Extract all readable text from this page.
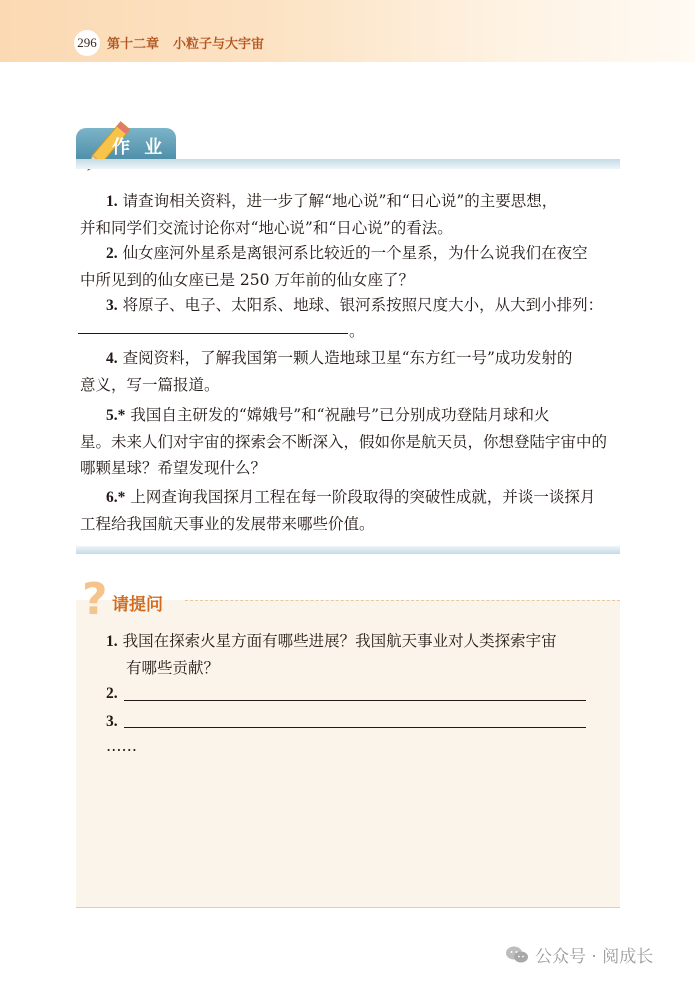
296 第十二章 小粒子与大宇宙
作 业
1. 请查询相关资料，进一步了解“地心说”和“日心说”的主要思想，
并和同学们交流讨论你对“地心说”和“日心说”的看法。
2. 仙女座河外星系是离银河系比较近的一个星系，为什么说我们在夜空
中所见到的仙女座已是 250 万年前的仙女座了？
3. 将原子、电子、太阳系、地球、银河系按照尺度大小，从大到小排列：
。
4. 查阅资料，了解我国第一颗人造地球卫星“东方红一号”成功发射的
意义，写一篇报道。
5.* 我国自主研发的“嫦娥号”和“祝融号”已分别成功登陆月球和火
星。未来人们对宇宙的探索会不断深入，假如你是航天员，你想登陆宇宙中的
哪颗星球？希望发现什么？
6.* 上网查询我国探月工程在每一阶段取得的突破性成就，并谈一谈探月
工程给我国航天事业的发展带来哪些价值。
? 请提问
1. 我国在探索火星方面有哪些进展？我国航天事业对人类探索宇宙
有哪些贡献？
2.
3.
……
公众号 · 阅成长
